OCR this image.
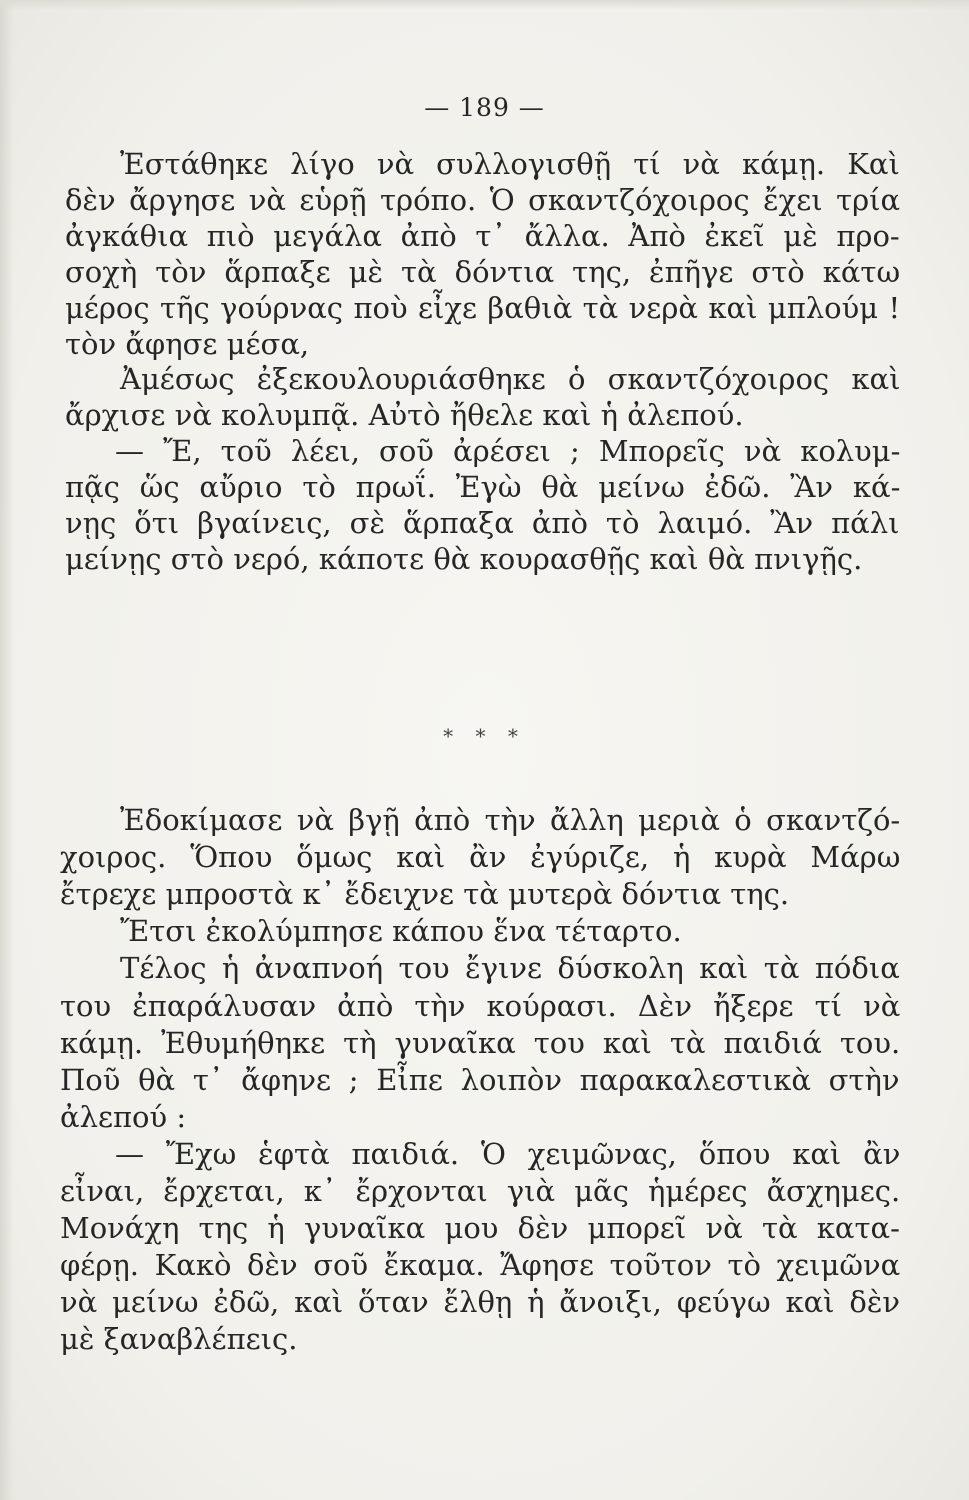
— 189 —
Ἐστάθηκε λίγο νὰ συλλογισθῇ τί νὰ κάμῃ. Καὶ
δὲν ἄργησε νὰ εὑρῇ τρόπο. Ὁ σκαντζόχοιρος ἔχει τρία
ἀγκάθια πιὸ μεγάλα ἀπὸ τ᾽ ἄλλα. Ἀπὸ ἐκεῖ μὲ προ-
σοχὴ τὸν ἅρπαξε μὲ τὰ δόντια της, ἐπῆγε στὸ κάτω
μέρος τῆς γούρνας ποὺ εἶχε βαθιὰ τὰ νερὰ καὶ μπλούμ !
τὸν ἄφησε μέσα,
Ἀμέσως ἐξεκουλουριάσθηκε ὁ σκαντζόχοιρος καὶ
ἄρχισε νὰ κολυμπᾷ. Αὐτὸ ἤθελε καὶ ἡ ἀλεπού.
— Ἔ, τοῦ λέει, σοῦ ἀρέσει ; Μπορεῖς νὰ κολυμ-
πᾷς ὥς αὔριο τὸ πρωΐ. Ἐγὼ θὰ μείνω ἐδῶ. Ἂν κά-
νῃς ὅτι βγαίνεις, σὲ ἅρπαξα ἀπὸ τὸ λαιμό. Ἂν πάλι
μείνῃς στὸ νερό, κάποτε θὰ κουρασθῇς καὶ θὰ πνιγῇς.
* * *
Ἐδοκίμασε νὰ βγῇ ἀπὸ τὴν ἄλλη μεριὰ ὁ σκαντζό-
χοιρος. Ὅπου ὅμως καὶ ἂν ἐγύριζε, ἡ κυρὰ Μάρω
ἔτρεχε μπροστὰ κ᾽ ἔδειχνε τὰ μυτερὰ δόντια της.
Ἔτσι ἐκολύμπησε κάπου ἕνα τέταρτο.
Τέλος ἡ ἀναπνοή του ἔγινε δύσκολη καὶ τὰ πόδια
του ἐπαράλυσαν ἀπὸ τὴν κούρασι. Δὲν ἤξερε τί νὰ
κάμῃ. Ἐθυμήθηκε τὴ γυναῖκα του καὶ τὰ παιδιά του.
Ποῦ θὰ τ᾽ ἄφηνε ; Εἶπε λοιπὸν παρακαλεστικὰ στὴν
ἀλεπού :
— Ἔχω ἑφτὰ παιδιά. Ὁ χειμῶνας, ὅπου καὶ ἂν
εἶναι, ἔρχεται, κ᾽ ἔρχονται γιὰ μᾶς ἡμέρες ἄσχημες.
Μονάχη της ἡ γυναῖκα μου δὲν μπορεῖ νὰ τὰ κατα-
φέρῃ. Κακὸ δὲν σοῦ ἔκαμα. Ἄφησε τοῦτον τὸ χειμῶνα
νὰ μείνω ἐδῶ, καὶ ὅταν ἔλθῃ ἡ ἄνοιξι, φεύγω καὶ δὲν
μὲ ξαναβλέπεις.
